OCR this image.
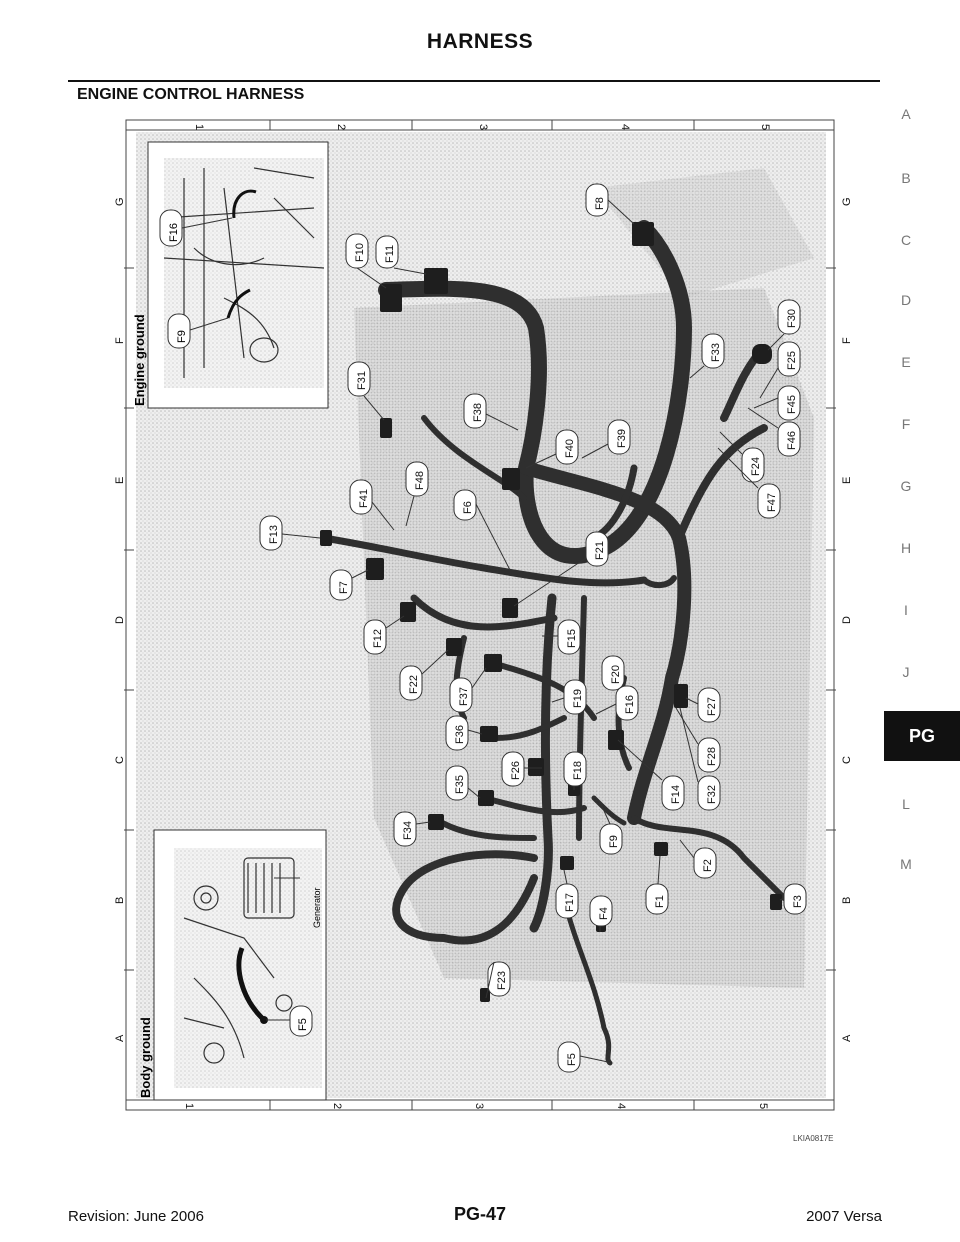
HARNESS
ENGINE CONTROL HARNESS
A
B
C
D
E
F
G
H
I
J
L
M
PG
1	2	3	4	5
1	2	3	4	5
A
B
C
D
E
F
G
A
B
C
D
E
F
G
F16
F9
Engine ground
Generator
F5
Body ground
F8
F10 F11
F30
F33	F25
F31
F45
F38
F39
F40	F46
F24
F48
F41	F6	F47
F13
F21
F7
F15
F12
F22
F20
F37	F19	F16	F27
F36
F28
F26	F18
F35
F14 F32
F34
F9
F2
F17
F4
F1	F3
F23
F5
LKIA0817E
Revision: June 2006	PG-47	2007 Versa
